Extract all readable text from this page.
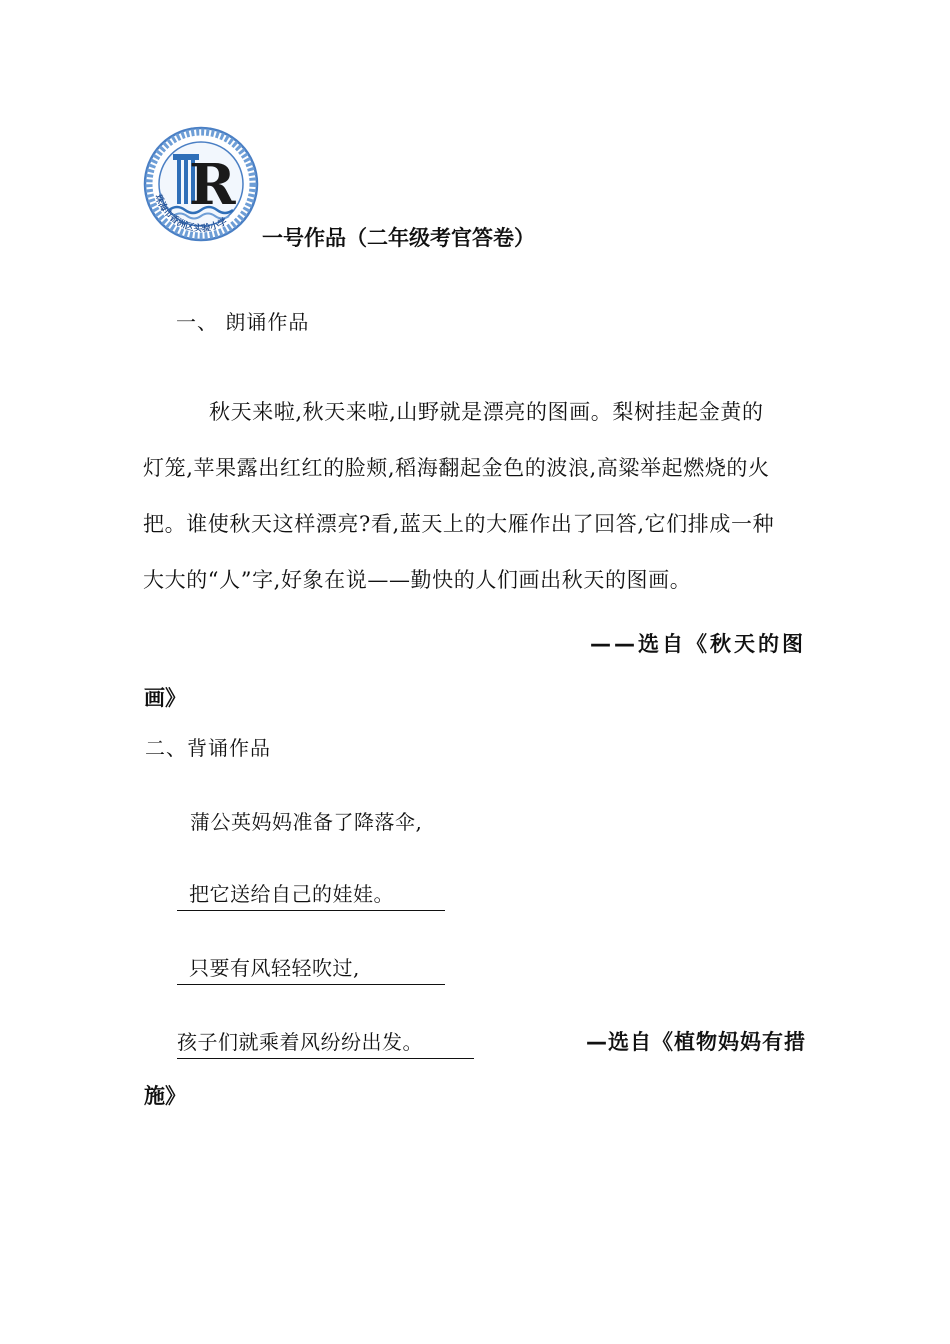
R
珠海市香洲区实验小学
一号作品（二年级考官答卷）
一、 朗诵作品
秋天来啦,秋天来啦,山野就是漂亮的图画。梨树挂起金黄的
灯笼,苹果露出红红的脸颊,稻海翻起金色的波浪,高粱举起燃烧的火
把。谁使秋天这样漂亮?看,蓝天上的大雁作出了回答,它们排成一种
大大的“人”字,好象在说——勤快的人们画出秋天的图画。
——选自《秋天的图
画》
二、背诵作品
蒲公英妈妈准备了降落伞,
把它送给自己的娃娃。
只要有风轻轻吹过,
孩子们就乘着风纷纷出发。	—选自《植物妈妈有措
施》
